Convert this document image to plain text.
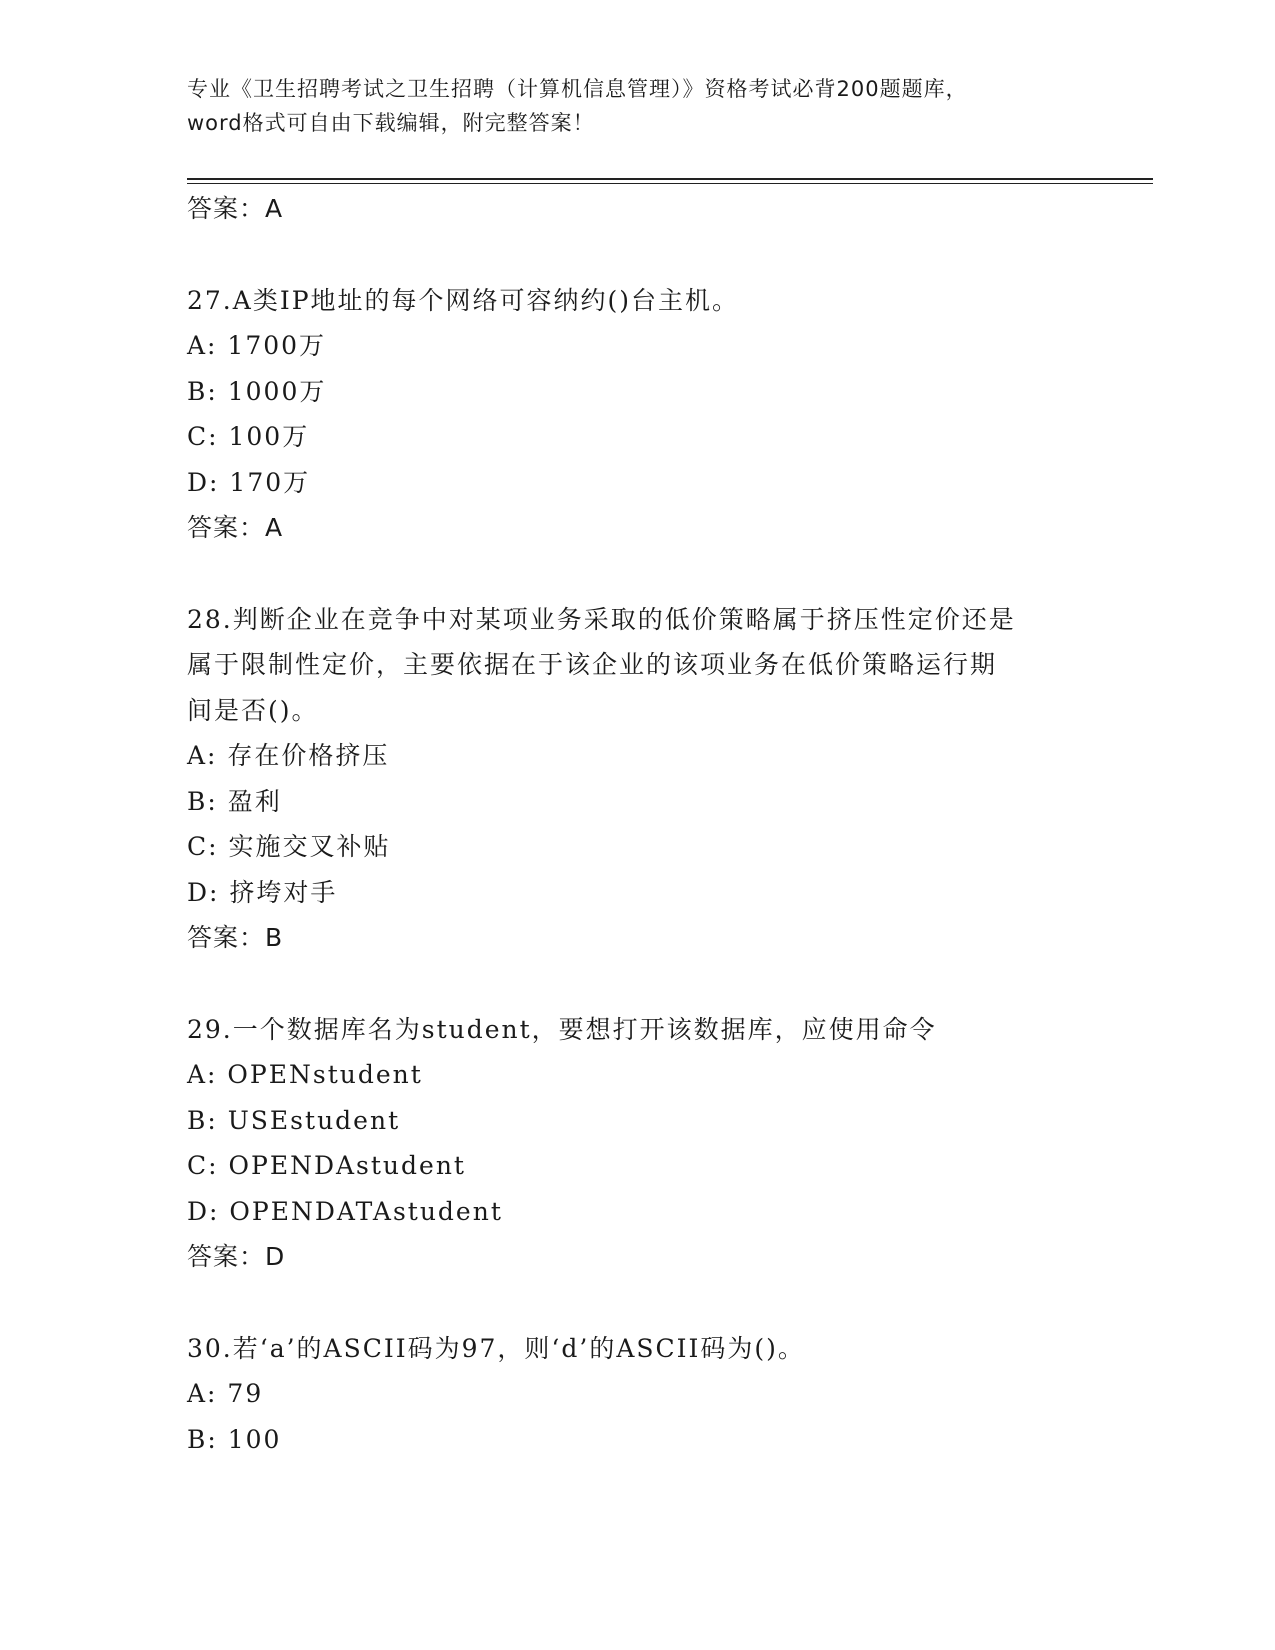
专业《卫生招聘考试之卫生招聘（计算机信息管理）》资格考试必背200题题库，
word格式可自由下载编辑，附完整答案！
答案：A
27.A类IP地址的每个网络可容纳约()台主机。
A: 1700万
B: 1000万
C: 100万
D: 170万
答案：A
28.判断企业在竞争中对某项业务采取的低价策略属于挤压性定价还是
属于限制性定价，主要依据在于该企业的该项业务在低价策略运行期
间是否()。
A: 存在价格挤压
B: 盈利
C: 实施交叉补贴
D: 挤垮对手
答案：B
29.一个数据库名为student，要想打开该数据库，应使用命令
A: OPENstudent
B: USEstudent
C: OPENDAstudent
D: OPENDATAstudent
答案：D
30.若‘a’的ASCII码为97，则‘d’的ASCII码为()。
A: 79
B: 100
